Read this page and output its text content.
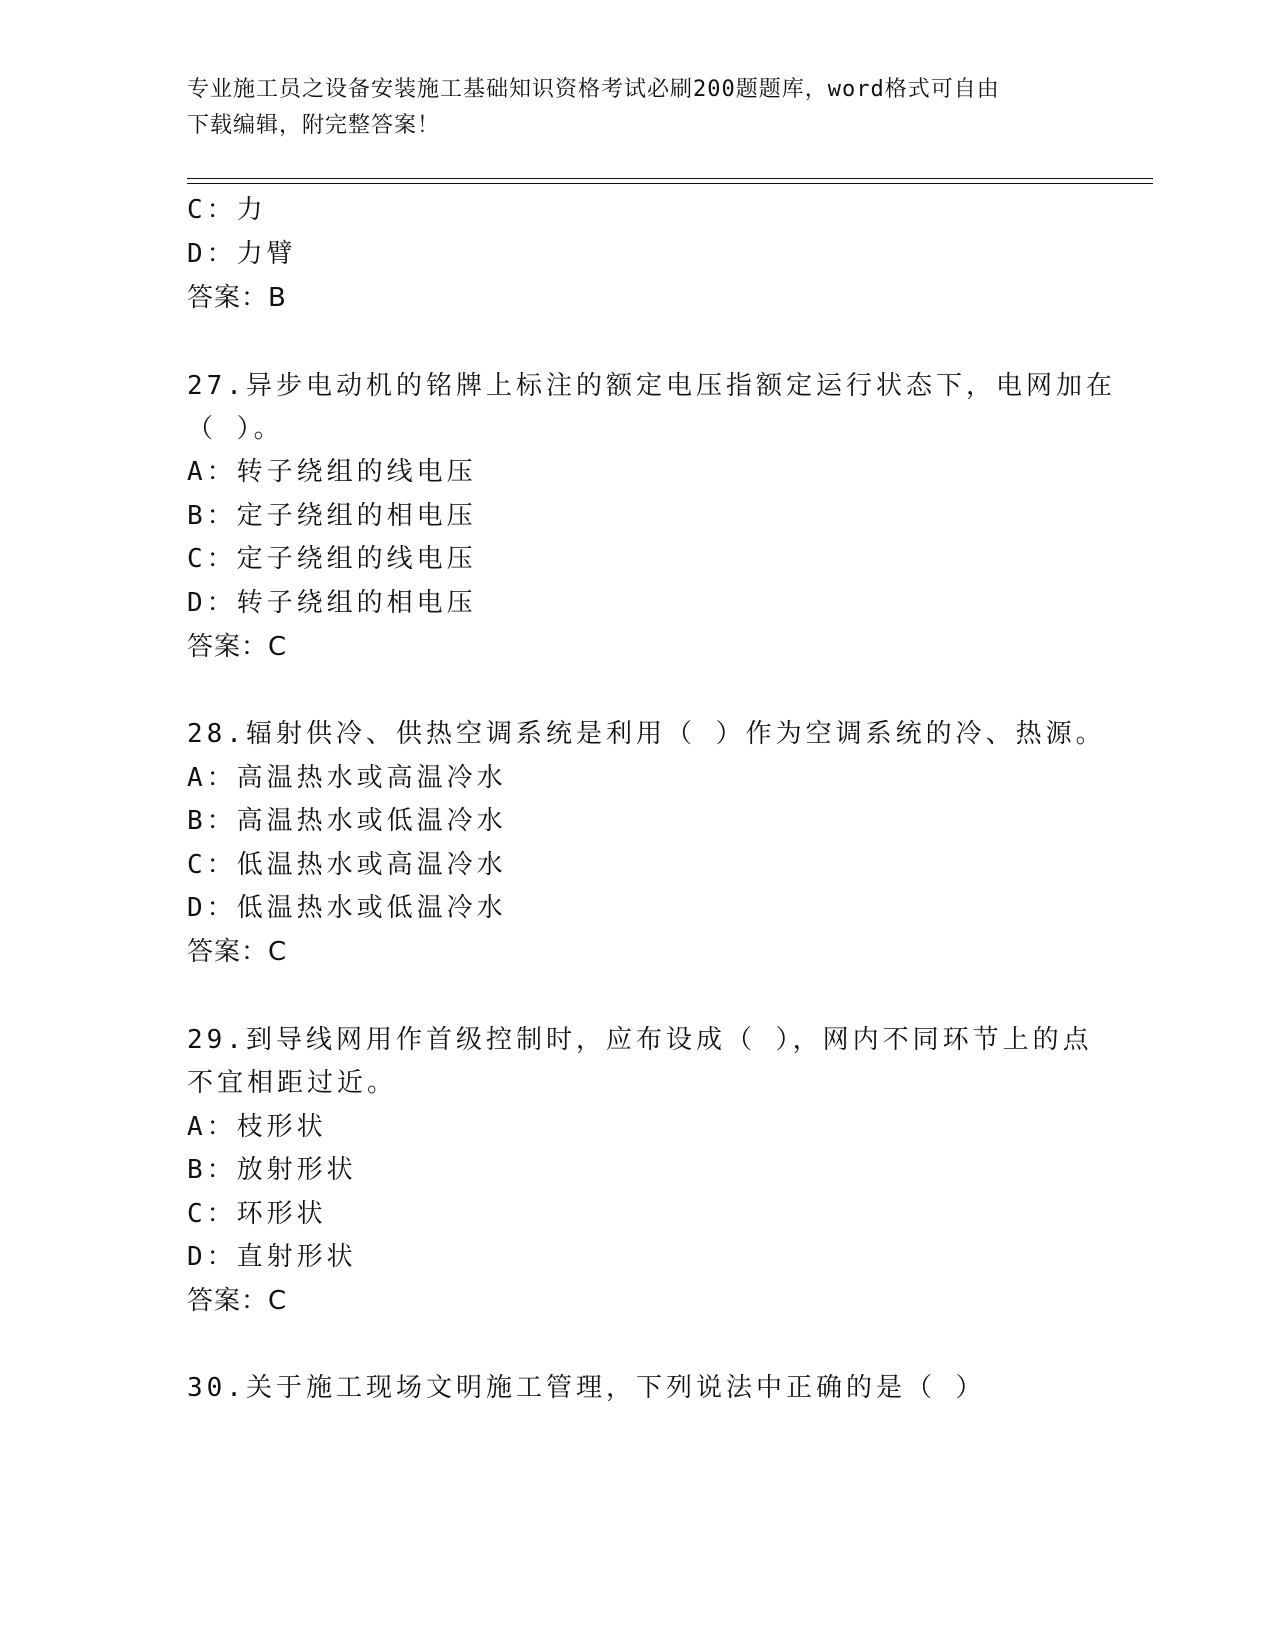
专业施工员之设备安装施工基础知识资格考试必刷200题题库，word格式可自由
下载编辑，附完整答案！
C：力
D：力臂
答案：B
27.异步电动机的铭牌上标注的额定电压指额定运行状态下，电网加在
（ ）。
A：转子绕组的线电压
B：定子绕组的相电压
C：定子绕组的线电压
D：转子绕组的相电压
答案：C
28.辐射供冷、供热空调系统是利用（ ）作为空调系统的冷、热源。
A：高温热水或高温冷水
B：高温热水或低温冷水
C：低温热水或高温冷水
D：低温热水或低温冷水
答案：C
29.到导线网用作首级控制时，应布设成（ ），网内不同环节上的点
不宜相距过近。
A：枝形状
B：放射形状
C：环形状
D：直射形状
答案：C
30.关于施工现场文明施工管理，下列说法中正确的是（ ）
